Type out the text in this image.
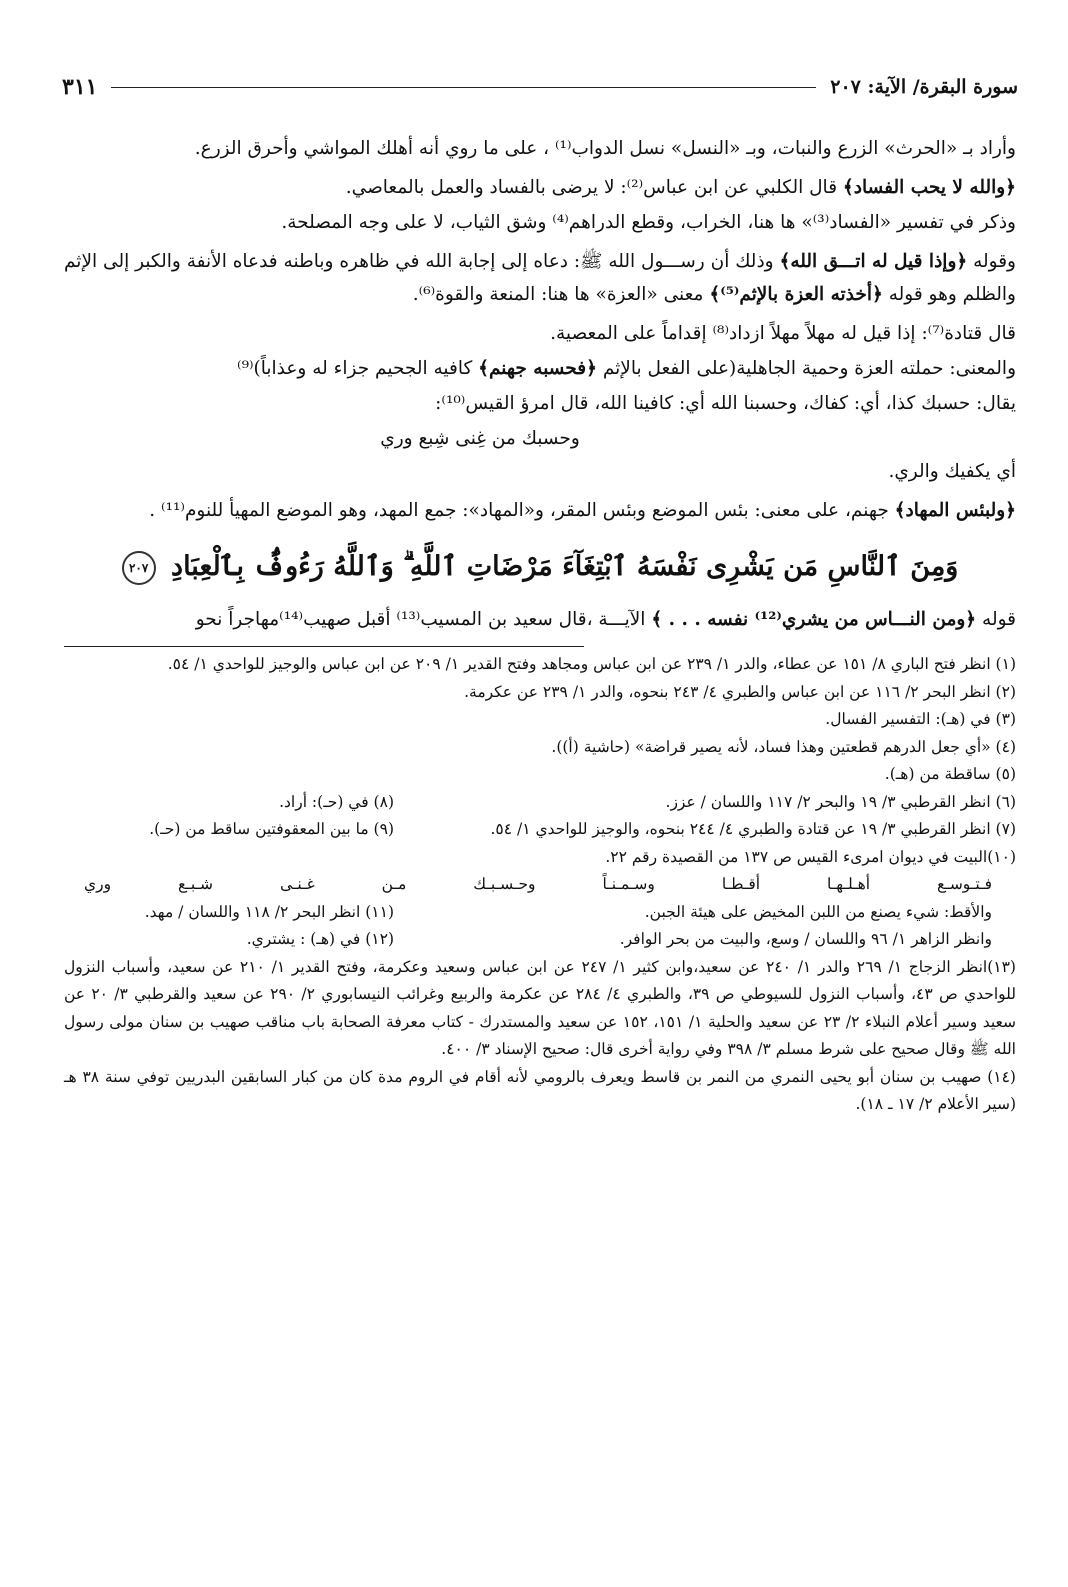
سورة البقرة/ الآية: ٢٠٧
٣١١

وأراد بـ «الحرث» الزرع والنبات، وبـ «النسل» نسل الدواب⁽¹⁾ ، على ما روي أنه أهلك المواشي وأحرق الزرع.

﴿والله لا يحب الفساد﴾ قال الكلبي عن ابن عباس⁽²⁾: لا يرضى بالفساد والعمل بالمعاصي.

وذكر في تفسير «الفساد⁽³⁾» ها هنا، الخراب، وقطع الدراهم⁽⁴⁾ وشق الثياب، لا على وجه المصلحة.

وقوله ﴿وإذا قيل له اتـــق الله﴾ وذلك أن رســـول الله ﷺ: دعاه إلى إجابة الله في ظاهره وباطنه فدعاه الأنفة والكبر إلى الإثم والظلم وهو قوله ﴿أخذته العزة بالإثم⁽⁵⁾﴾ معنى «العزة» ها هنا: المنعة والقوة⁽⁶⁾.

قال قتادة⁽⁷⁾: إذا قيل له مهلاً مهلاً ازداد⁽⁸⁾ إقداماً على المعصية.

والمعنى: حملته العزة وحمية الجاهلية(على الفعل بالإثم ﴿فحسبه جهنم﴾ كافيه الجحيم جزاء له وعذاباً)⁽⁹⁾

يقال: حسبك كذا، أي: كفاك، وحسبنا الله أي: كافينا الله، قال امرؤ القيس⁽¹⁰⁾:

وحسبك من غِنى شِبع وري

أي يكفيك والري.

﴿ولبئس المهاد﴾ جهنم، على معنى: بئس الموضع وبئس المقر، و«المهاد»: جمع المهد، وهو الموضع المهيأ للنوم⁽¹¹⁾ .

وَمِنَ ٱلنَّاسِ مَن يَشْرِى نَفْسَهُ ٱبْتِغَآءَ مَرْضَاتِ ٱللَّهِ ۗ وَٱللَّهُ رَءُوفٌۢ بِٱلْعِبَادِ ٢٠٧

قوله ﴿ومن النـــاس من يشري⁽¹²⁾ نفسه . . . ﴾ الآيـــة ،قال سعيد بن المسيب⁽¹³⁾ أقبل صهيب⁽¹⁴⁾مهاجراً نحو

(١) انظر فتح الباري ٨/ ١٥١ عن عطاء، والدر ١/ ٢٣٩ عن ابن عباس ومجاهد وفتح القدير ١/ ٢٠٩ عن ابن عباس والوجيز للواحدي ١/ ٥٤.

(٢) انظر البحر ٢/ ١١٦ عن ابن عباس والطبري ٤/ ٢٤٣ بنحوه، والدر ١/ ٢٣٩ عن عكرمة.

(٣) في (هـ): التفسير الفسال.

(٤) «أي جعل الدرهم قطعتين وهذا فساد، لأنه يصير قراضة» (حاشية (أ)).

(٥) ساقطة من (هـ).

(٦) انظر القرطبي ٣/ ١٩ والبحر ٢/ ١١٧ واللسان / عزز.

(٨) في (حـ): أراد.

(٧) انظر القرطبي ٣/ ١٩ عن قتادة والطبري ٤/ ٢٤٤ بنحوه، والوجيز للواحدي ١/ ٥٤.

(٩) ما بين المعقوفتين ساقط من (حـ).

(١٠)البيت في ديوان امرىء القيس ص ١٣٧ من القصيدة رقم ٢٢.

فـتـوسـع
أهـلـهـا
أقـطـا
وسـمـنـاً
وحـسـبـك
مـن
غـنـى
شـبـع
وري

والأقط: شيء يصنع من اللبن المخيض على هيئة الجبن.

(١١) انظر البحر ٢/ ١١٨ واللسان / مهد.

وانظر الزاهر ١/ ٩٦ واللسان / وسع، والبيت من بحر الوافر.

(١٢) في (هـ) : يشتري.

(١٣)انظر الزجاج ١/ ٢٦٩ والدر ١/ ٢٤٠ عن سعيد،وابن كثير ١/ ٢٤٧ عن ابن عباس وسعيد وعكرمة، وفتح القدير ١/ ٢١٠ عن سعيد، وأسباب النزول للواحدي ص ٤٣، وأسباب النزول للسيوطي ص ٣٩، والطبري ٤/ ٢٨٤ عن عكرمة والربيع وغرائب النيسابوري ٢/ ٢٩٠ عن سعيد والقرطبي ٣/ ٢٠ عن سعيد وسير أعلام النبلاء ٢/ ٢٣ عن سعيد والحلية ١/ ١٥١، ١٥٢ عن سعيد والمستدرك - كتاب معرفة الصحابة باب مناقب صهيب بن سنان مولى رسول الله ﷺ وقال صحيح على شرط مسلم ٣/ ٣٩٨ وفي رواية أخرى قال: صحيح الإسناد ٣/ ٤٠٠.

(١٤) صهيب بن سنان أبو يحيى النمري من النمر بن قاسط ويعرف بالرومي لأنه أقام في الروم مدة كان من كبار السابقين البدريين توفي سنة ٣٨ هـ (سير الأعلام ٢/ ١٧ ـ ١٨).
